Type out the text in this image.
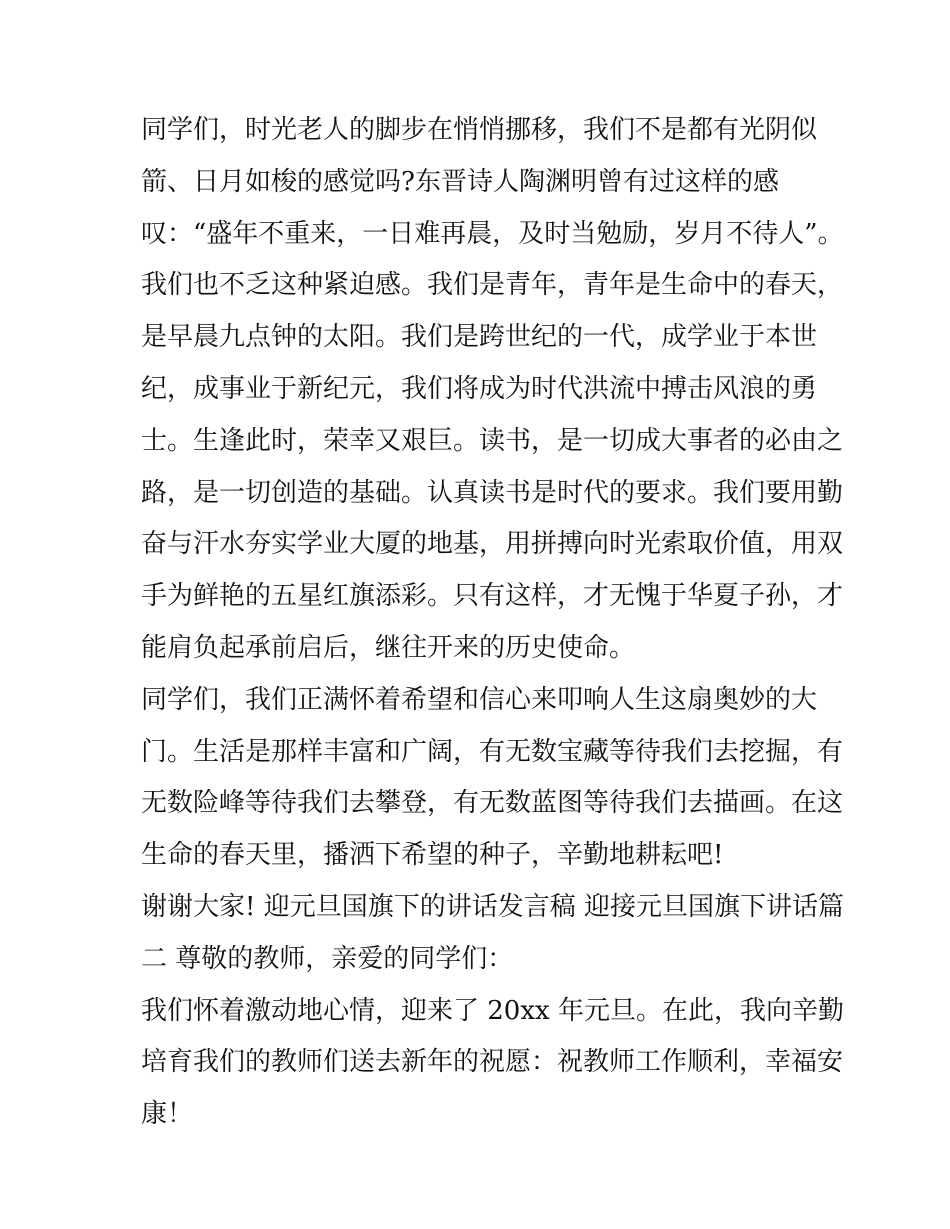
同学们，时光老人的脚步在悄悄挪移，我们不是都有光阴似
箭、日月如梭的感觉吗?东晋诗人陶渊明曾有过这样的感
叹：“盛年不重来，一日难再晨，及时当勉励，岁月不待人”。
我们也不乏这种紧迫感。我们是青年，青年是生命中的春天，
是早晨九点钟的太阳。我们是跨世纪的一代，成学业于本世
纪，成事业于新纪元，我们将成为时代洪流中搏击风浪的勇
士。生逢此时，荣幸又艰巨。读书，是一切成大事者的必由之
路，是一切创造的基础。认真读书是时代的要求。我们要用勤
奋与汗水夯实学业大厦的地基，用拼搏向时光索取价值，用双
手为鲜艳的五星红旗添彩。只有这样，才无愧于华夏子孙，才
能肩负起承前启后，继往开来的历史使命。
同学们，我们正满怀着希望和信心来叩响人生这扇奥妙的大
门。生活是那样丰富和广阔，有无数宝藏等待我们去挖掘，有
无数险峰等待我们去攀登，有无数蓝图等待我们去描画。在这
生命的春天里，播洒下希望的种子，辛勤地耕耘吧!
谢谢大家! 迎元旦国旗下的讲话发言稿 迎接元旦国旗下讲话篇
二 尊敬的教师，亲爱的同学们：
我们怀着激动地心情，迎来了 20xx 年元旦。在此，我向辛勤
培育我们的教师们送去新年的祝愿：祝教师工作顺利，幸福安
康！
